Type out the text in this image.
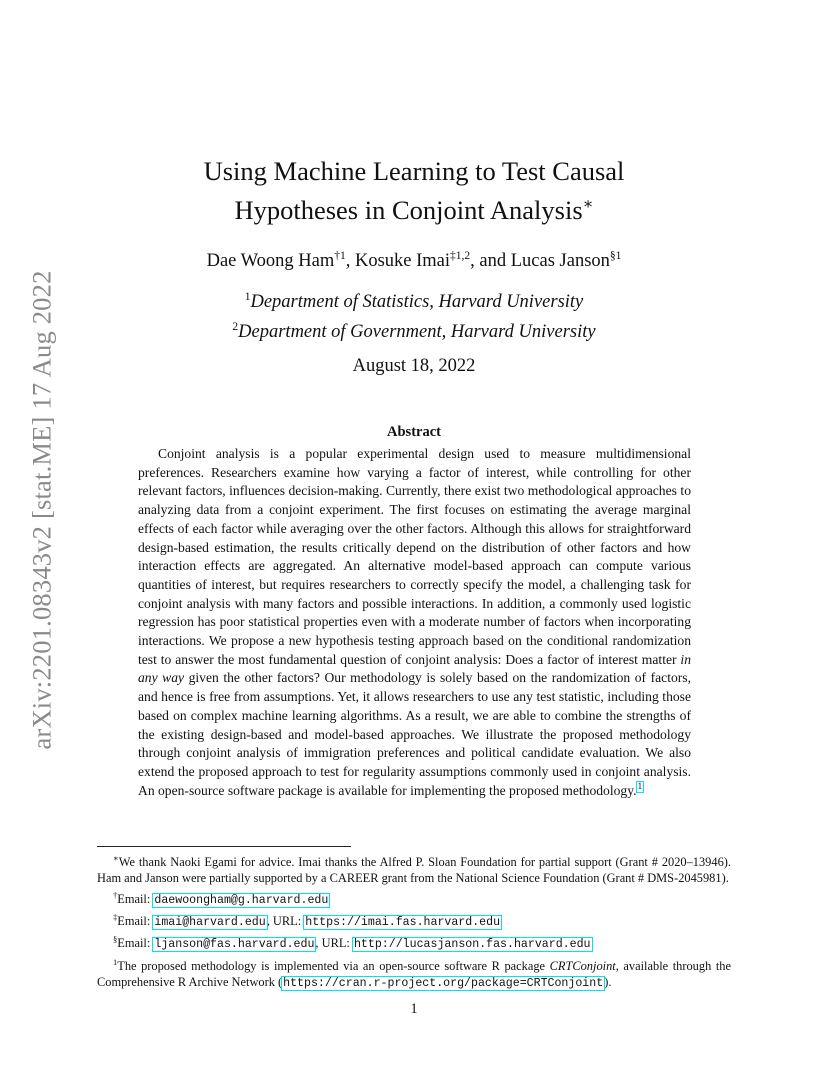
arXiv:2201.08343v2 [stat.ME] 17 Aug 2022
Using Machine Learning to Test Causal
Hypotheses in Conjoint Analysis∗
Dae Woong Ham$^{\dagger 1}$, Kosuke Imai$^{\ddagger 1,2}$, and Lucas Janson$^{\S 1}$
$^1$Department of Statistics, Harvard University
$^2$Department of Government, Harvard University
August 18, 2022
Abstract

Conjoint analysis is a popular experimental design used to measure multidimensional preferences. Researchers examine how varying a factor of interest, while controlling for other relevant factors, influences decision-making. Currently, there exist two methodological approaches to analyzing data from a conjoint experiment. The first focuses on estimating the average marginal effects of each factor while averaging over the other factors. Although this allows for straightforward design-based estimation, the results critically depend on the distribution of other factors and how interaction effects are aggregated. An alternative model-based approach can compute various quantities of interest, but requires researchers to correctly specify the model, a challenging task for conjoint analysis with many factors and possible interactions. In addition, a commonly used logistic regression has poor statistical properties even with a moderate number of factors when incorporating interactions. We propose a new hypothesis testing approach based on the conditional randomization test to answer the most fundamental question of conjoint analysis: Does a factor of interest matter in any way given the other factors? Our methodology is solely based on the randomization of factors, and hence is free from assumptions. Yet, it allows researchers to use any test statistic, including those based on complex machine learning algorithms. As a result, we are able to combine the strengths of the existing design-based and model-based approaches. We illustrate the proposed methodology through conjoint analysis of immigration preferences and political candidate evaluation. We also extend the proposed approach to test for regularity assumptions commonly used in conjoint analysis. An open-source software package is available for implementing the proposed methodology.$^1$

∗We thank Naoki Egami for advice. Imai thanks the Alfred P. Sloan Foundation for partial support (Grant # 2020–13946). Ham and Janson were partially supported by a CAREER grant from the National Science Foundation (Grant # DMS-2045981).

†Email: daewoongham@g.harvard.edu

‡Email: imai@harvard.edu, URL: https://imai.fas.harvard.edu

§Email: ljanson@fas.harvard.edu, URL: http://lucasjanson.fas.harvard.edu

$^1$The proposed methodology is implemented via an open-source software R package CRTConjoint, available through the Comprehensive R Archive Network (https://cran.r-project.org/package=CRTConjoint).

1
